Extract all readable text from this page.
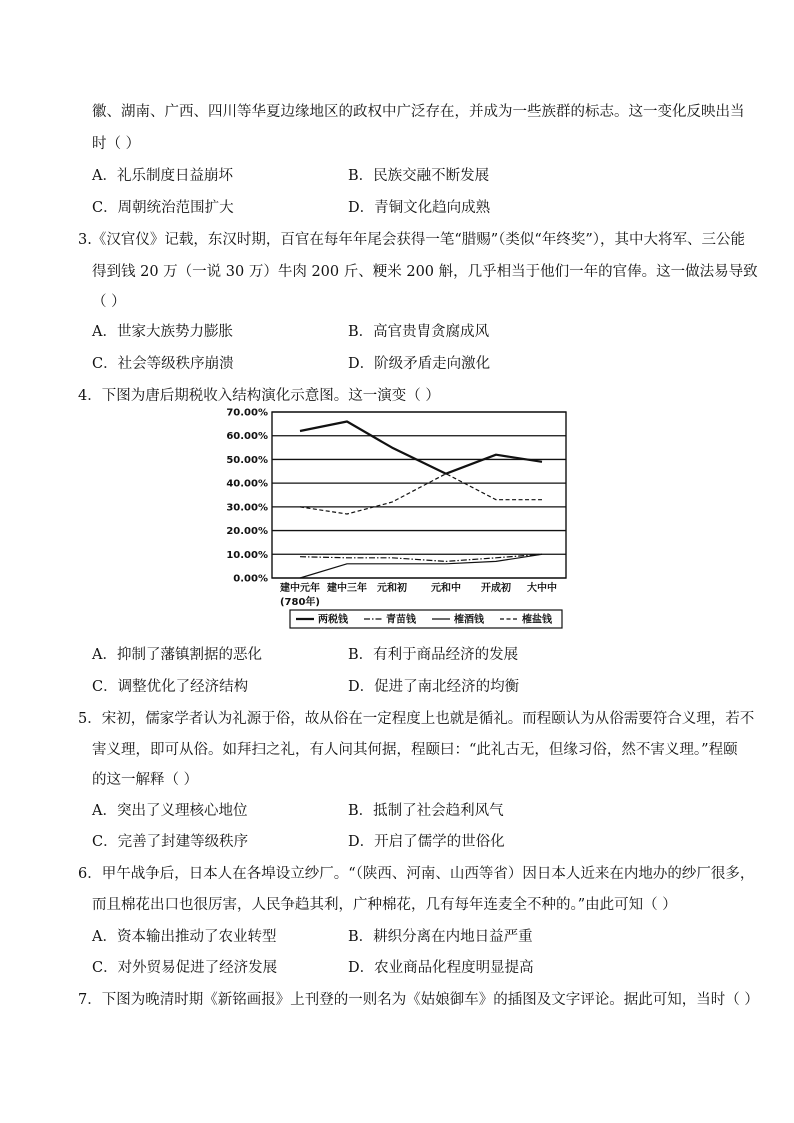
徽、湖南、广西、四川等华夏边缘地区的政权中广泛存在，并成为一些族群的标志。这一变化反映出当
时（ ）
A．礼乐制度日益崩坏	B．民族交融不断发展
C．周朝统治范围扩大	D．青铜文化趋向成熟
3.《汉官仪》记载，东汉时期，百官在每年年尾会获得一笔“腊赐”（类似“年终奖”），其中大将军、三公能
得到钱 20 万（一说 30 万）牛肉 200 斤、粳米 200 斛，几乎相当于他们一年的官俸。这一做法易导致
（ ）
A．世家大族势力膨胀	B．高官贵胄贪腐成风
C．社会等级秩序崩溃	D．阶级矛盾走向激化
4．下图为唐后期税收入结构演化示意图。这一演变（ ）
0.00%
10.00%
20.00%
30.00%
40.00%
50.00%
60.00%
70.00%
建中元年 建中三年 元和初 元和中 开成初 大中中
(780年)
两税钱	青苗钱	榷酒钱	榷盐钱
A．抑制了藩镇割据的恶化	B．有利于商品经济的发展
C．调整优化了经济结构	D．促进了南北经济的均衡
5．宋初，儒家学者认为礼源于俗，故从俗在一定程度上也就是循礼。而程颐认为从俗需要符合义理，若不
害义理，即可从俗。如拜扫之礼，有人问其何据，程颐曰：“此礼古无，但缘习俗，然不害义理。”程颐
的这一解释（ ）
A．突出了义理核心地位	B．抵制了社会趋利风气
C．完善了封建等级秩序	D．开启了儒学的世俗化
6．甲午战争后，日本人在各埠设立纱厂。“（陕西、河南、山西等省）因日本人近来在内地办的纱厂很多，
而且棉花出口也很厉害，人民争趋其利，广种棉花，几有每年连麦全不种的。”由此可知（ ）
A．资本输出推动了农业转型	B．耕织分离在内地日益严重
C．对外贸易促进了经济发展	D．农业商品化程度明显提高
7．下图为晚清时期《新铭画报》上刊登的一则名为《姑娘御车》的插图及文字评论。据此可知，当时（ ）
